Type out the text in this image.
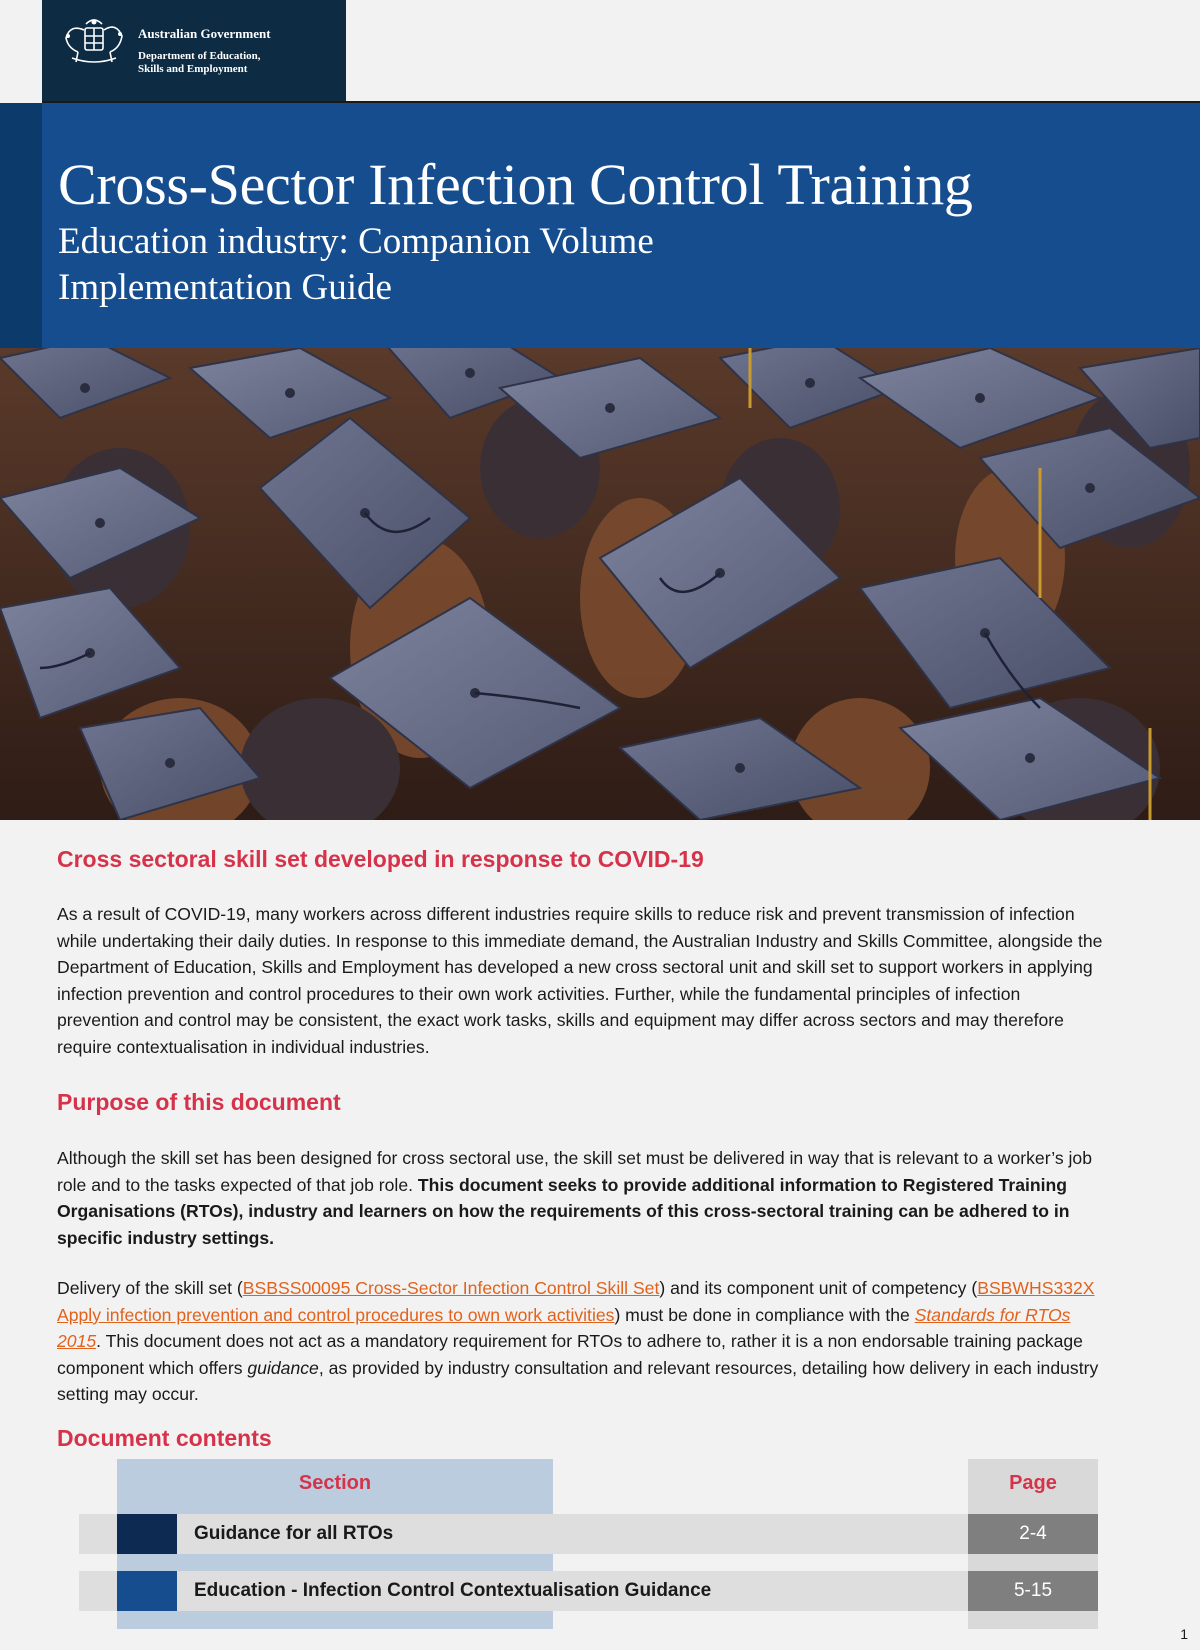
Australian Government
Department of Education,
Skills and Employment
Cross-Sector Infection Control Training
Education industry: Companion Volume
Implementation Guide
Cross sectoral skill set developed in response to COVID-19

As a result of COVID-19, many workers across different industries require skills to reduce risk and prevent transmission of infection while undertaking their daily duties. In response to this immediate demand, the Australian Industry and Skills Committee, alongside the Department of Education, Skills and Employment has developed a new cross sectoral unit and skill set to support workers in applying infection prevention and control procedures to their own work activities. Further, while the fundamental principles of infection prevention and control may be consistent, the exact work tasks, skills and equipment may differ across sectors and may therefore require contextualisation in individual industries.

Purpose of this document

Although the skill set has been designed for cross sectoral use, the skill set must be delivered in way that is relevant to a worker’s job role and to the tasks expected of that job role. This document seeks to provide additional information to Registered Training Organisations (RTOs), industry and learners on how the requirements of this cross-sectoral training can be adhered to in specific industry settings.

Delivery of the skill set (BSBSS00095 Cross-Sector Infection Control Skill Set) and its component unit of competency (BSBWHS332X Apply infection prevention and control procedures to own work activities) must be done in compliance with the Standards for RTOs 2015. This document does not act as a mandatory requirement for RTOs to adhere to, rather it is a non endorsable training package component which offers guidance, as provided by industry consultation and relevant resources, detailing how delivery in each industry setting may occur.

Document contents
Section	Page
Guidance for all RTOs	2-4
Education - Infection Control Contextualisation Guidance	5-15
1
